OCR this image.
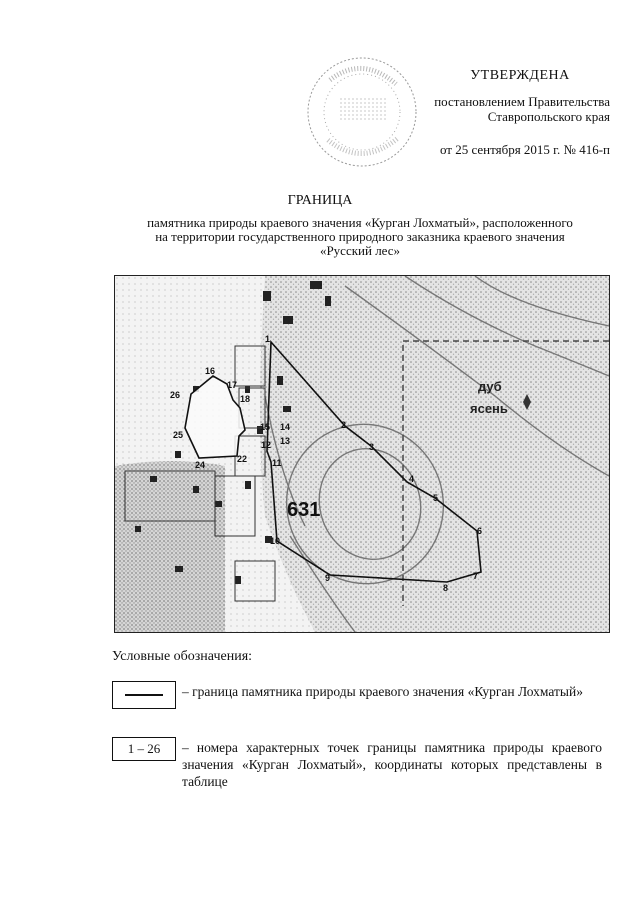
УТВЕРЖДЕНА
постановлением Правительства
Ставропольского края
от 25 сентября 2015 г. № 416-п
ГРАНИЦА
памятника природы краевого значения «Курган Лохматый», расположенного
на территории государственного природного заказника краевого значения
«Русский лес»
631
дуб
ясень
1
2
3
4
5
6
7
8
9
10
11
12 13
14
15
16
17
18
22
24
25
26
Условные обозначения:
– граница памятника природы краевого значения «Курган Лохматый»
1 – 26	– номера характерных точек границы памятника природы краевого значения «Курган Лохматый», координаты которых представлены в таблице
